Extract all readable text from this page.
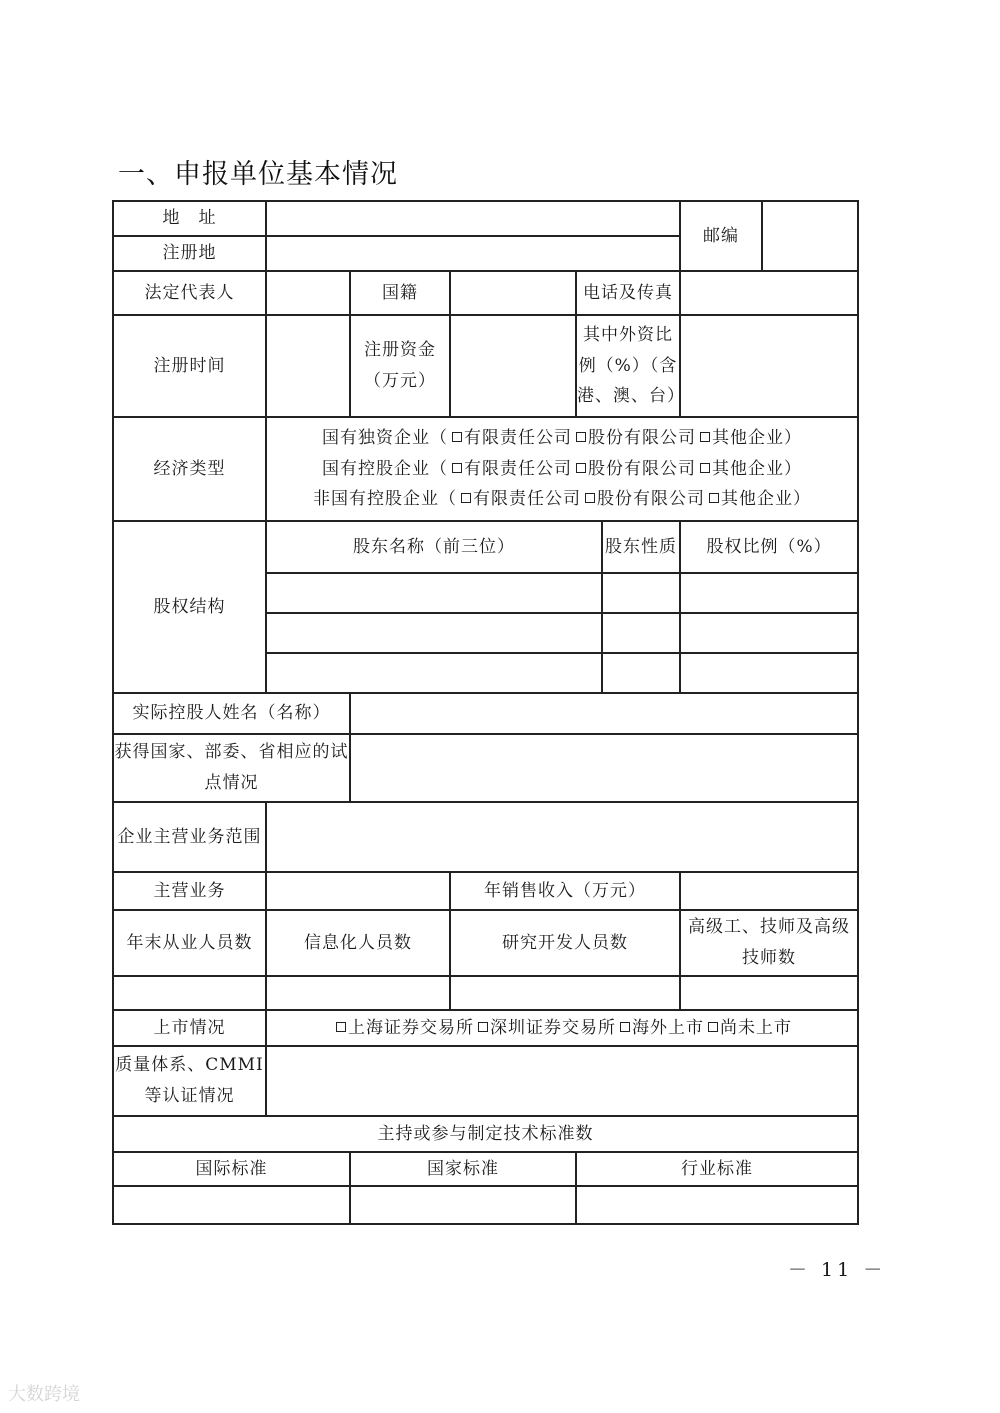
一、申报单位基本情况
地　址						邮编

注册地						
法定代表人		国籍		电话及传真		
注册时间		注册资金（万元）		其中外资比例（%）（含港、澳、台）		
经济类型	国有独资企业（ 有限责任公司 股份有限公司 其他企业）
国有控股企业（ 有限责任公司 股份有限公司 其他企业）
非国有控股企业（ 有限责任公司 股份有限公司 其他企业）					

股权结构	股东名称（前三位）				股东性质	股权比例（%）

实际控股人姓名（名称）						
获得国家、部委、省相应的试点情况						
企业主营业务范围						
主营业务			年销售收入（万元）			
年末从业人员数	信息化人员数		研究开发人员数			高级工、技师及高级技师数

上市情况	上海证券交易所 深圳证券交易所 海外上市 尚未上市					
质量体系、CMMI等认证情况						
主持或参与制定技术标准数						
国际标准		国家标准		行业标准		

－ 11 －
大数跨境
